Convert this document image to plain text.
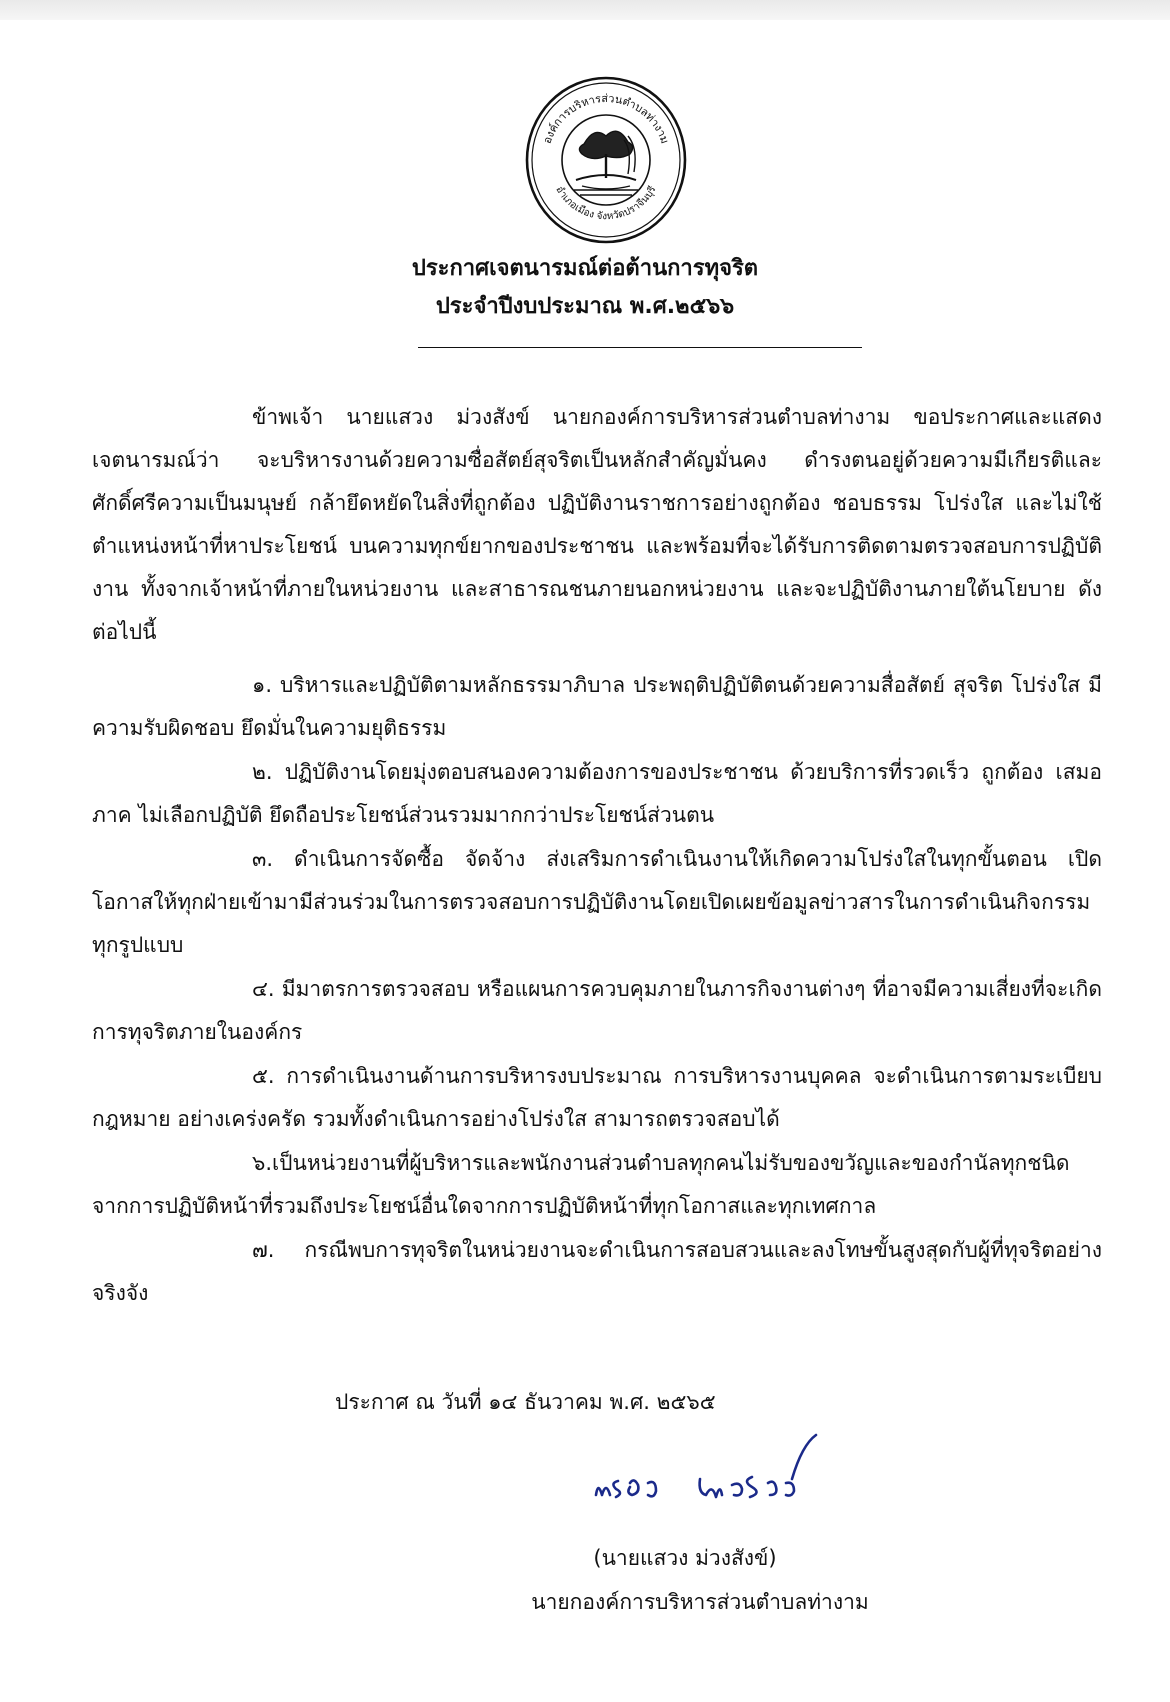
องค์การบริหารส่วนตำบลท่างาม
อำเภอเมือง จังหวัดปราจีนบุรี
ประกาศเจตนารมณ์ต่อต้านการทุจริต
ประจำปีงบประมาณ พ.ศ.๒๕๖๖

ข้าพเจ้า นายแสวง ม่วงสังข์ นายกองค์การบริหารส่วนตำบลท่างาม ขอประกาศและแสดงเจตนารมณ์ว่า จะบริหารงานด้วยความซื่อสัตย์สุจริตเป็นหลักสำคัญมั่นคง ดำรงตนอยู่ด้วยความมีเกียรติและศักดิ์ศรีความเป็นมนุษย์ กล้ายึดหยัดในสิ่งที่ถูกต้อง ปฏิบัติงานราชการอย่างถูกต้อง ชอบธรรม โปร่งใส และไม่ใช้ตำแหน่งหน้าที่หาประโยชน์ บนความทุกข์ยากของประชาชน และพร้อมที่จะได้รับการติดตามตรวจสอบการปฏิบัติงาน ทั้งจากเจ้าหน้าที่ภายในหน่วยงาน และสาธารณชนภายนอกหน่วยงาน และจะปฏิบัติงานภายใต้นโยบาย ดังต่อไปนี้

๑. บริหารและปฏิบัติตามหลักธรรมาภิบาล ประพฤติปฏิบัติตนด้วยความสื่อสัตย์ สุจริต โปร่งใส มีความรับผิดชอบ ยึดมั่นในความยุติธรรม

๒. ปฏิบัติงานโดยมุ่งตอบสนองความต้องการของประชาชน ด้วยบริการที่รวดเร็ว ถูกต้อง เสมอภาค ไม่เลือกปฏิบัติ ยึดถือประโยชน์ส่วนรวมมากกว่าประโยชน์ส่วนตน

๓. ดำเนินการจัดซื้อ จัดจ้าง ส่งเสริมการดำเนินงานให้เกิดความโปร่งใสในทุกขั้นตอน เปิดโอกาสให้ทุกฝ่ายเข้ามามีส่วนร่วมในการตรวจสอบการปฏิบัติงานโดยเปิดเผยข้อมูลข่าวสารในการดำเนินกิจกรรมทุกรูปแบบ

๔. มีมาตรการตรวจสอบ หรือแผนการควบคุมภายในภารกิจงานต่างๆ ที่อาจมีความเสี่ยงที่จะเกิดการทุจริตภายในองค์กร

๕. การดำเนินงานด้านการบริหารงบประมาณ การบริหารงานบุคคล จะดำเนินการตามระเบียบกฎหมาย อย่างเคร่งครัด รวมทั้งดำเนินการอย่างโปร่งใส สามารถตรวจสอบได้

๖.เป็นหน่วยงานที่ผู้บริหารและพนักงานส่วนตำบลทุกคนไม่รับของขวัญและของกำนัลทุกชนิดจากการปฏิบัติหน้าที่รวมถึงประโยชน์อื่นใดจากการปฏิบัติหน้าที่ทุกโอกาสและทุกเทศกาล

๗. กรณีพบการทุจริตในหน่วยงานจะดำเนินการสอบสวนและลงโทษขั้นสูงสุดกับผู้ที่ทุจริตอย่างจริงจัง

ประกาศ ณ วันที่ ๑๔ ธันวาคม พ.ศ. ๒๕๖๕
(นายแสวง ม่วงสังข์)
นายกองค์การบริหารส่วนตำบลท่างาม
